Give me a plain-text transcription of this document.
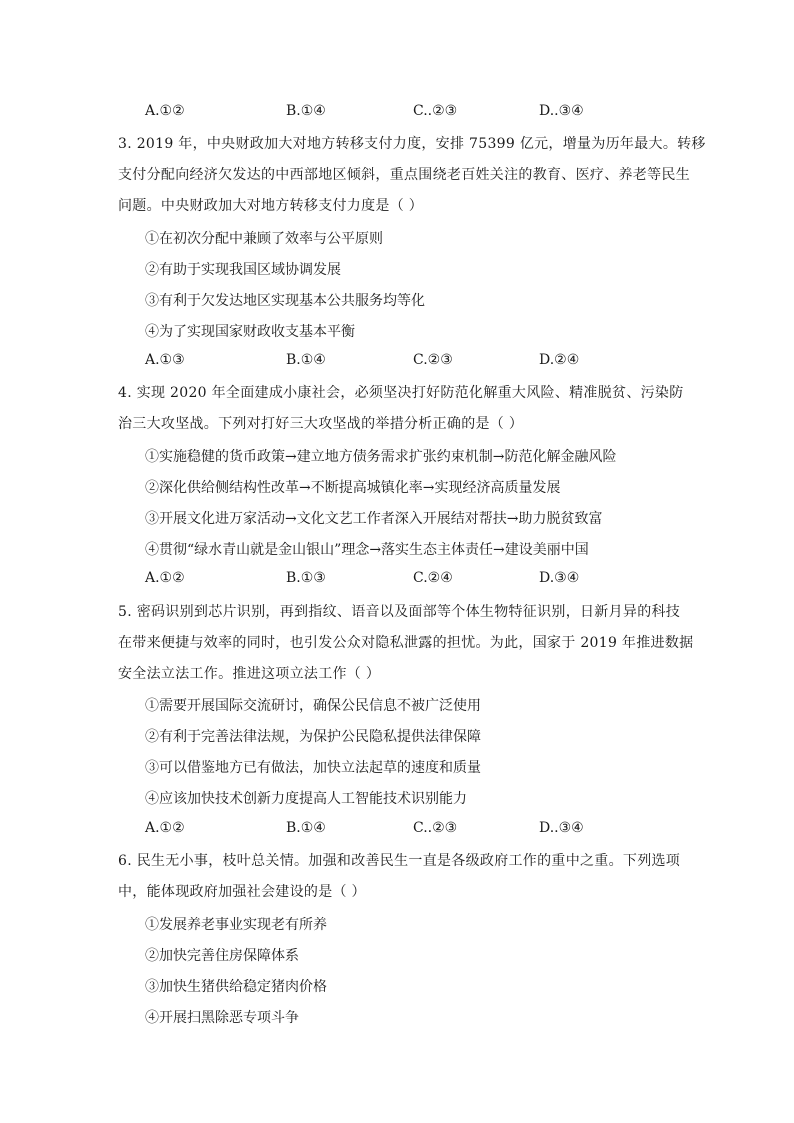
A.①②	B.①④	C..②③	D..③④
3. 2019 年，中央财政加大对地方转移支付力度，安排 75399 亿元，增量为历年最大。转移
支付分配向经济欠发达的中西部地区倾斜，重点围绕老百姓关注的教育、医疗、养老等民生
问题。中央财政加大对地方转移支付力度是（ ）
①在初次分配中兼顾了效率与公平原则
②有助于实现我国区域协调发展
③有利于欠发达地区实现基本公共服务均等化
④为了实现国家财政收支基本平衡
A.①③	B.①④	C.②③	D.②④
4. 实现 2020 年全面建成小康社会，必须坚决打好防范化解重大风险、精准脱贫、污染防
治三大攻坚战。下列对打好三大攻坚战的举措分析正确的是（ ）
①实施稳健的货币政策→建立地方债务需求扩张约束机制→防范化解金融风险
②深化供给侧结构性改革→不断提高城镇化率→实现经济高质量发展
③开展文化进万家活动→文化文艺工作者深入开展结对帮扶→助力脱贫致富
④贯彻“绿水青山就是金山银山”理念→落实生态主体责任→建设美丽中国
A.①②	B.①③	C.②④	D.③④
5. 密码识别到芯片识别，再到指纹、语音以及面部等个体生物特征识别，日新月异的科技
在带来便捷与效率的同时，也引发公众对隐私泄露的担忧。为此，国家于 2019 年推进数据
安全法立法工作。推进这项立法工作（ ）
①需要开展国际交流研讨，确保公民信息不被广泛使用
②有利于完善法律法规，为保护公民隐私提供法律保障
③可以借鉴地方已有做法，加快立法起草的速度和质量
④应该加快技术创新力度提高人工智能技术识别能力
A.①②	B.①④	C..②③	D..③④
6. 民生无小事，枝叶总关情。加强和改善民生一直是各级政府工作的重中之重。下列选项
中，能体现政府加强社会建设的是（ ）
①发展养老事业实现老有所养
②加快完善住房保障体系
③加快生猪供给稳定猪肉价格
④开展扫黑除恶专项斗争
